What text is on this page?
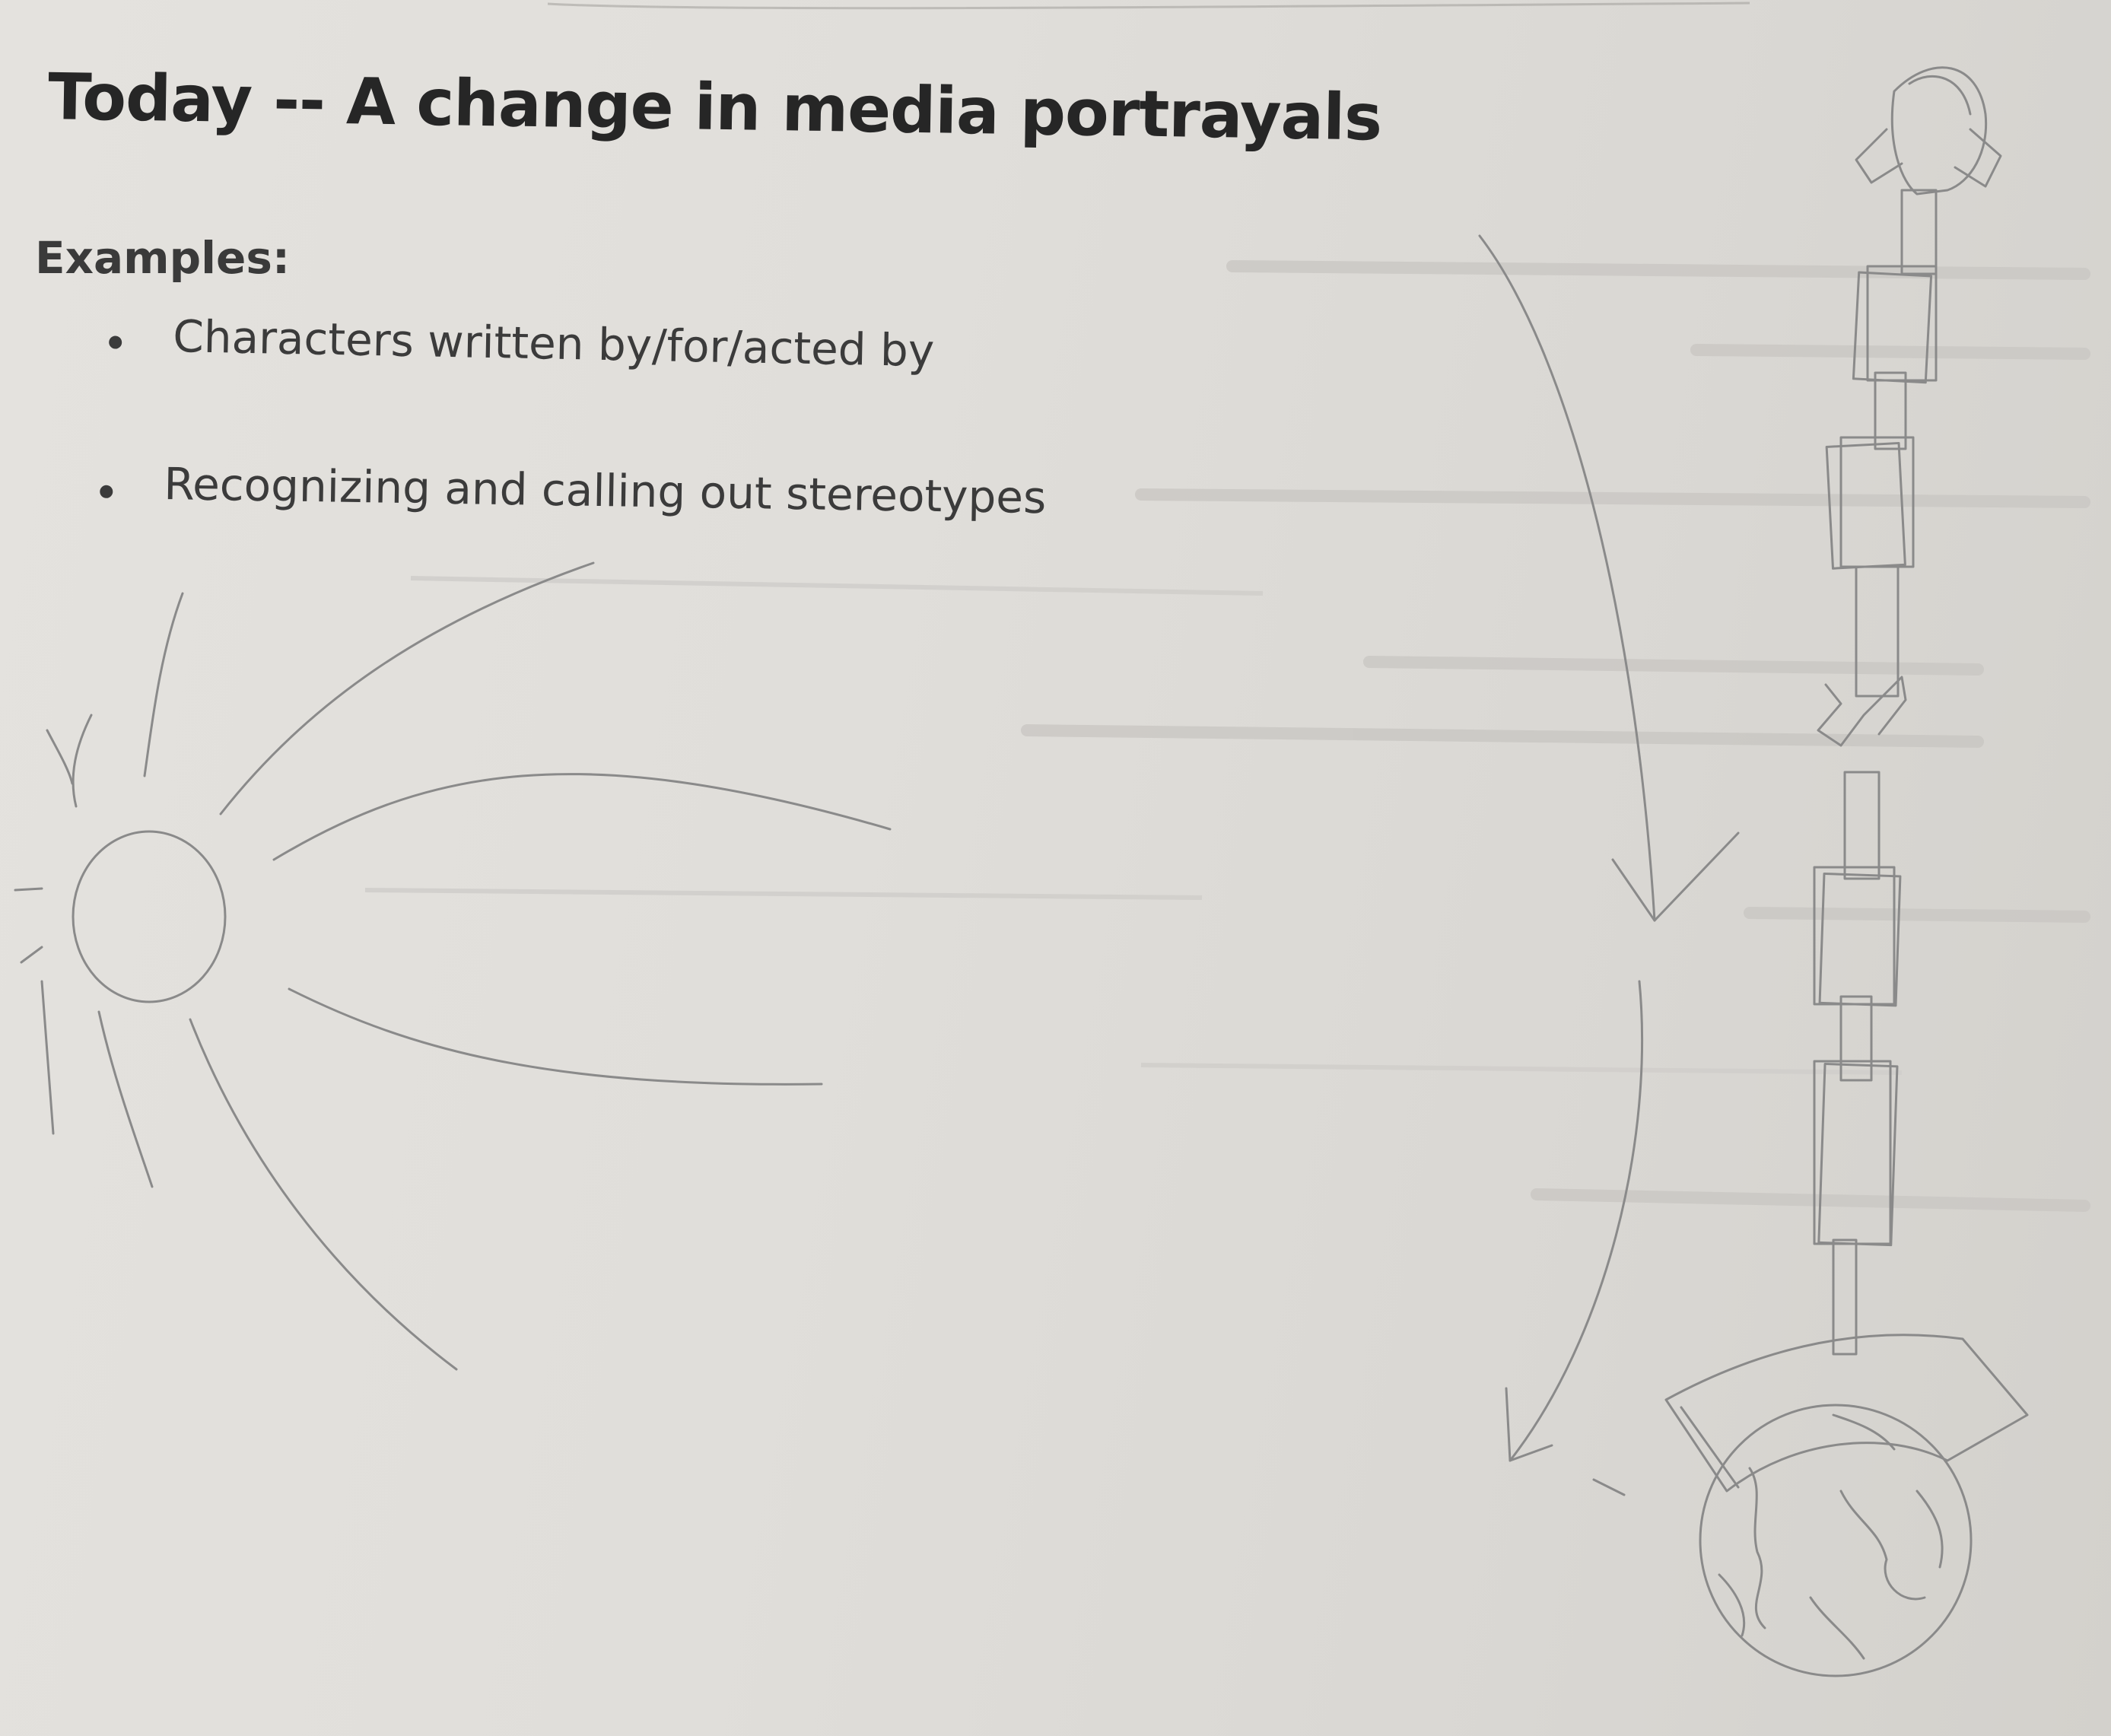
Today -- A change in media portrayals
Examples:
Characters written by/for/acted by
Recognizing and calling out stereotypes
